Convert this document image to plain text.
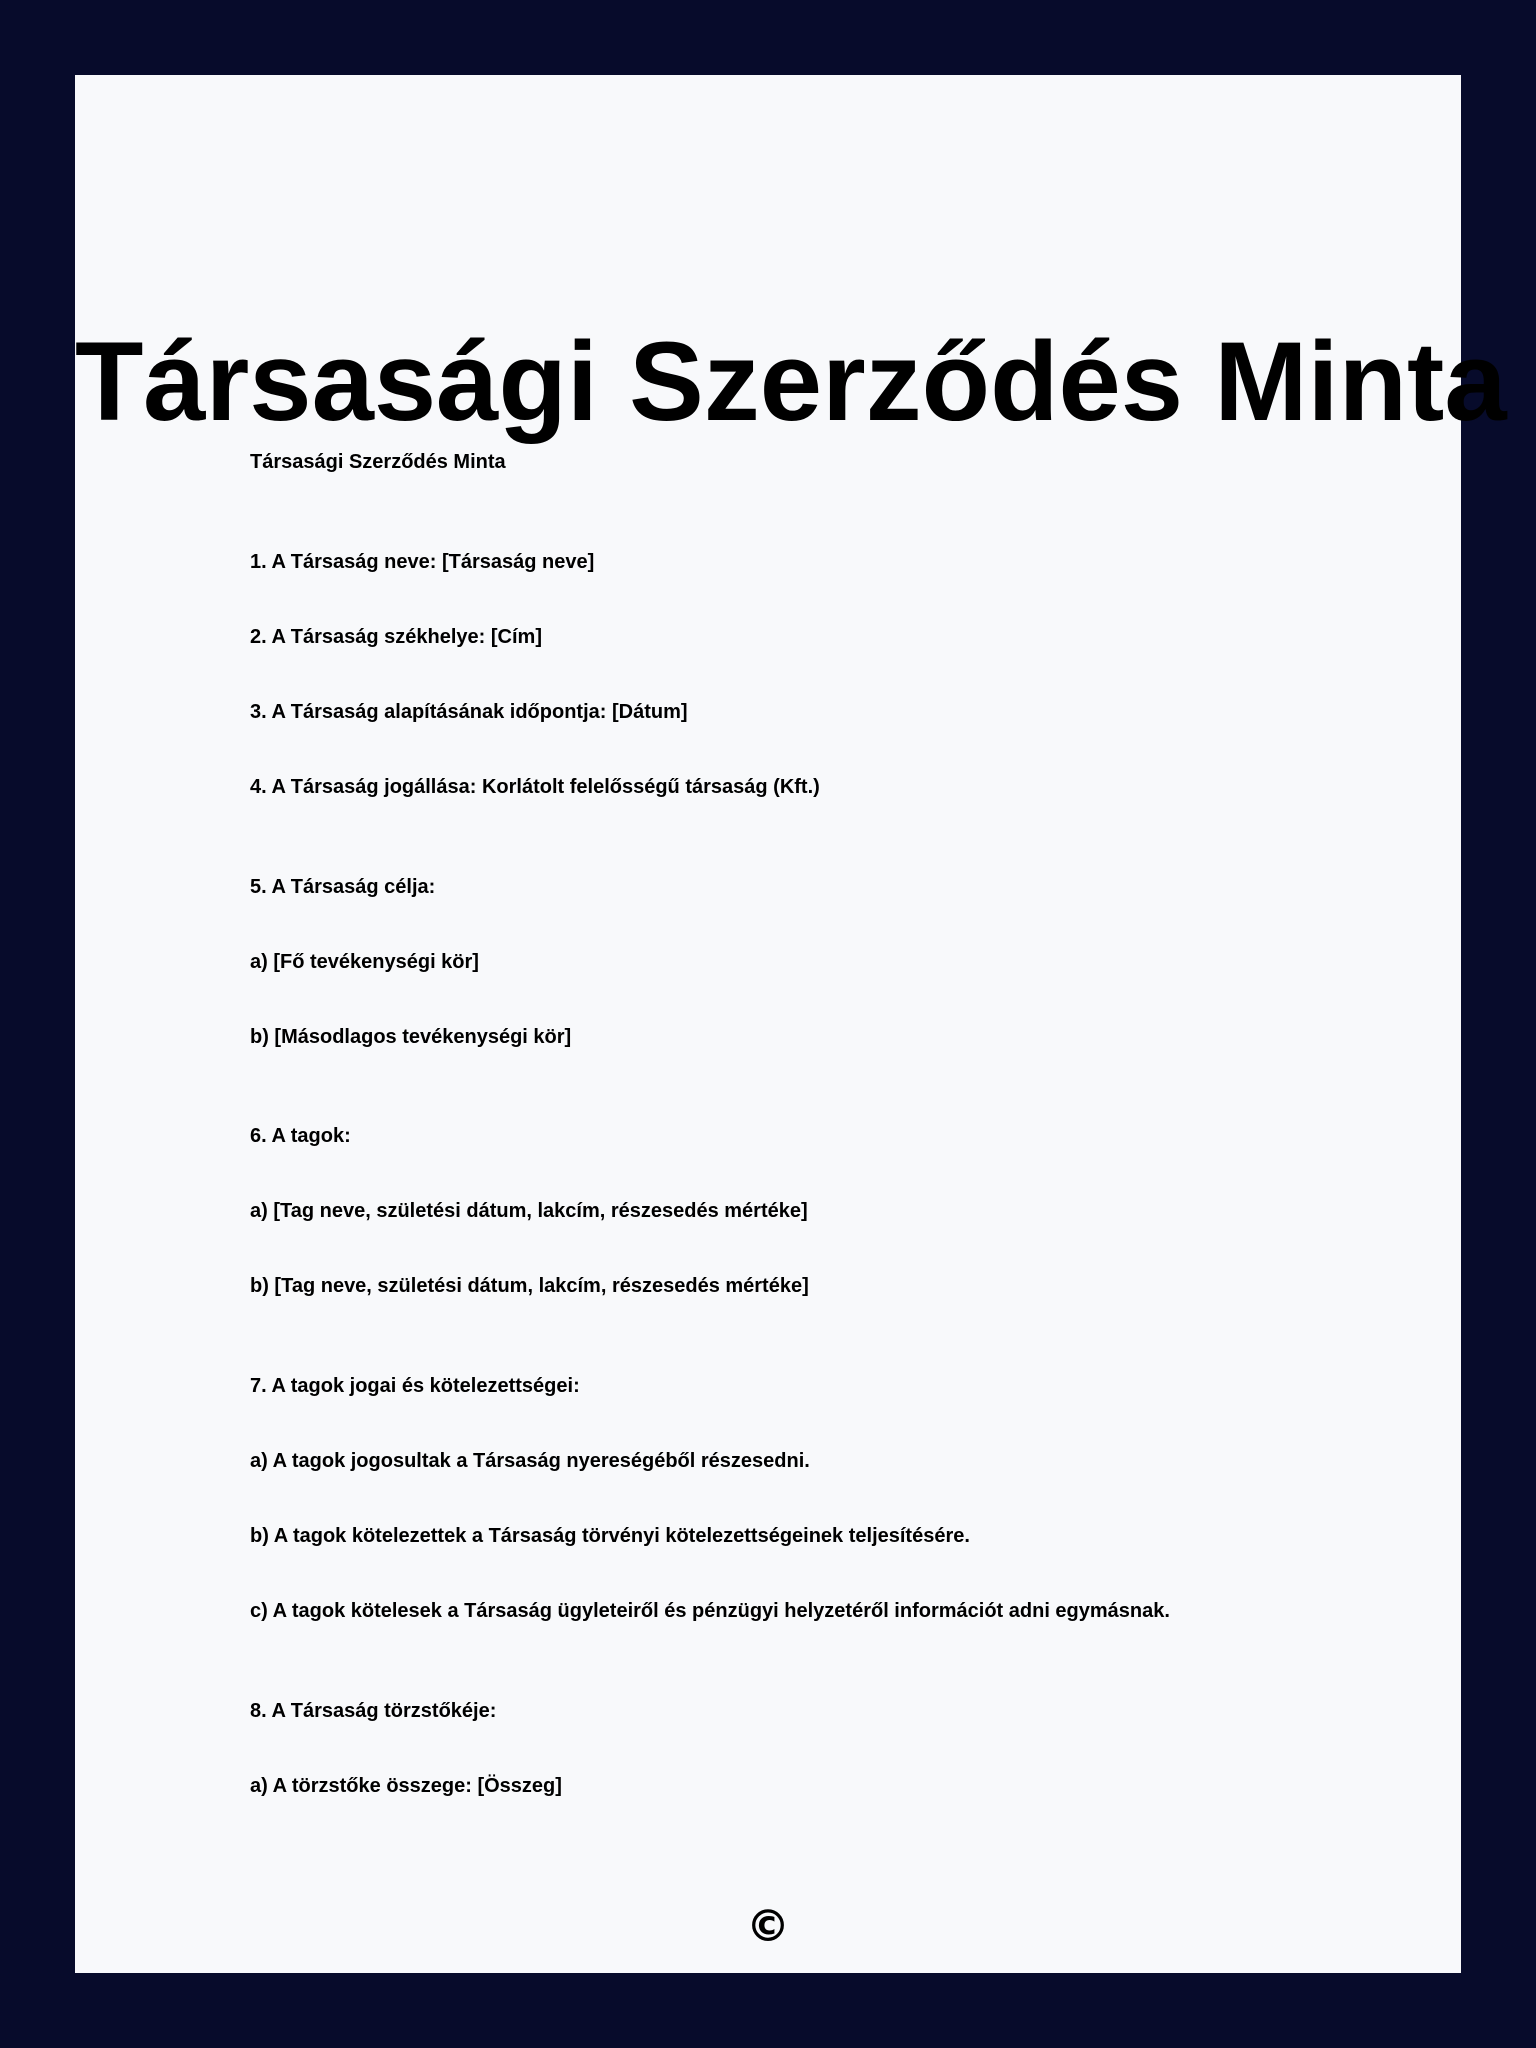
Társasági Szerződés Minta
Társasági Szerződés Minta
1. A Társaság neve: [Társaság neve]
2. A Társaság székhelye: [Cím]
3. A Társaság alapításának időpontja: [Dátum]
4. A Társaság jogállása: Korlátolt felelősségű társaság (Kft.)
5. A Társaság célja:
a) [Fő tevékenységi kör]
b) [Másodlagos tevékenységi kör]
6. A tagok:
a) [Tag neve, születési dátum, lakcím, részesedés mértéke]
b) [Tag neve, születési dátum, lakcím, részesedés mértéke]
7. A tagok jogai és kötelezettségei:
a) A tagok jogosultak a Társaság nyereségéből részesedni.
b) A tagok kötelezettek a Társaság törvényi kötelezettségeinek teljesítésére.
c) A tagok kötelesek a Társaság ügyleteiről és pénzügyi helyzetéről információt adni egymásnak.
8. A Társaság törzstőkéje:
a) A törzstőke összege: [Összeg]
©
